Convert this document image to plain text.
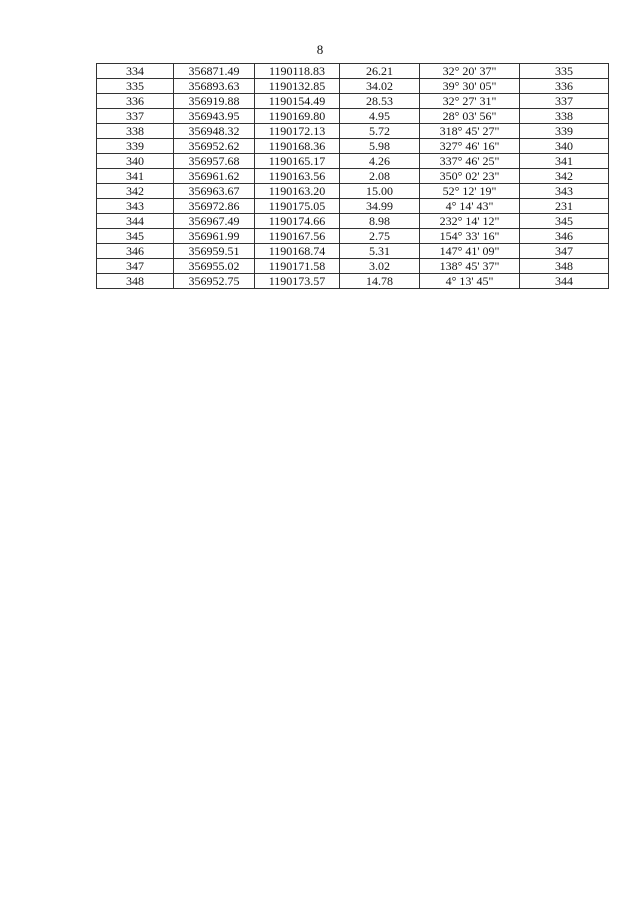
8
334	356871.49	1190118.83	26.21	32° 20' 37"	335
335	356893.63	1190132.85	34.02	39° 30' 05"	336
336	356919.88	1190154.49	28.53	32° 27' 31"	337
337	356943.95	1190169.80	4.95	28° 03' 56"	338
338	356948.32	1190172.13	5.72	318° 45' 27"	339
339	356952.62	1190168.36	5.98	327° 46' 16"	340
340	356957.68	1190165.17	4.26	337° 46' 25"	341
341	356961.62	1190163.56	2.08	350° 02' 23"	342
342	356963.67	1190163.20	15.00	52° 12' 19"	343
343	356972.86	1190175.05	34.99	4° 14' 43"	231
344	356967.49	1190174.66	8.98	232° 14' 12"	345
345	356961.99	1190167.56	2.75	154° 33' 16"	346
346	356959.51	1190168.74	5.31	147° 41' 09"	347
347	356955.02	1190171.58	3.02	138° 45' 37"	348
348	356952.75	1190173.57	14.78	4° 13' 45"	344
